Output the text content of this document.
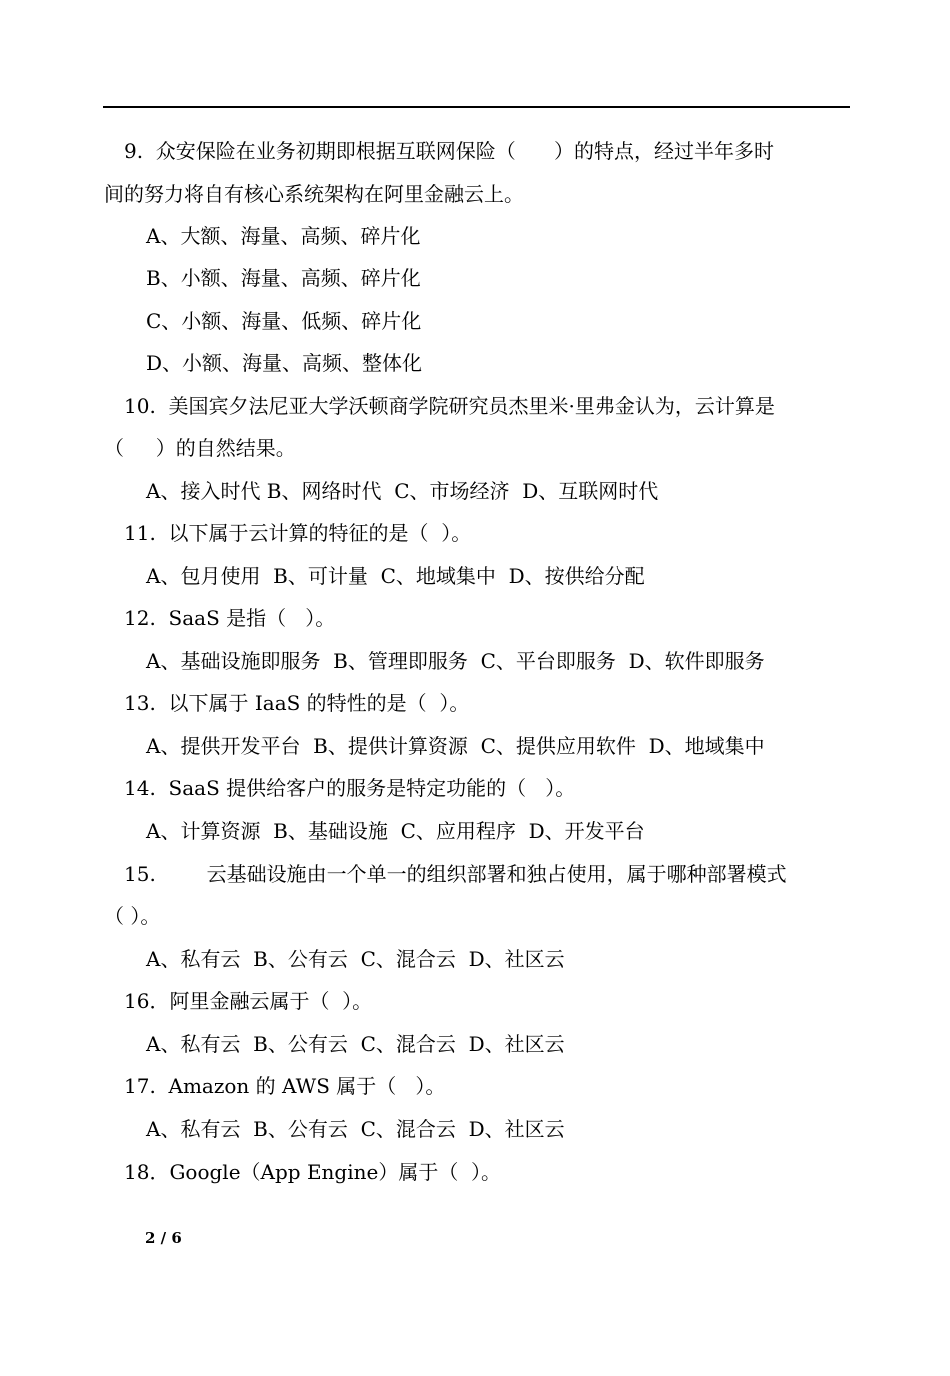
9.  众安保险在业务初期即根据互联网保险（      ）的特点，经过半年多时
间的努力将自有核心系统架构在阿里金融云上。
A、大额、海量、高频、碎片化
B、小额、海量、高频、碎片化
C、小额、海量、低频、碎片化
D、小额、海量、高频、整体化
10.  美国宾夕法尼亚大学沃顿商学院研究员杰里米·里弗金认为，云计算是
（     ）的自然结果。
A、接入时代 B、网络时代  C、市场经济  D、互联网时代
11.  以下属于云计算的特征的是（  ）。
A、包月使用  B、可计量  C、地域集中  D、按供给分配
12.  SaaS 是指（   ）。
A、基础设施即服务  B、管理即服务  C、平台即服务  D、软件即服务
13.  以下属于 IaaS 的特性的是（  ）。
A、提供开发平台  B、提供计算资源  C、提供应用软件  D、地域集中
14.  SaaS 提供给客户的服务是特定功能的（   ）。
A、计算资源  B、基础设施  C、应用程序  D、开发平台
15.        云基础设施由一个单一的组织部署和独占使用，属于哪种部署模式
（ ）。
A、私有云  B、公有云  C、混合云  D、社区云
16．阿里金融云属于（  ）。
A、私有云  B、公有云  C、混合云  D、社区云
17.  Amazon 的 AWS 属于（   ）。
A、私有云  B、公有云  C、混合云  D、社区云
18．Google（App Engine）属于（  ）。
2 / 6
